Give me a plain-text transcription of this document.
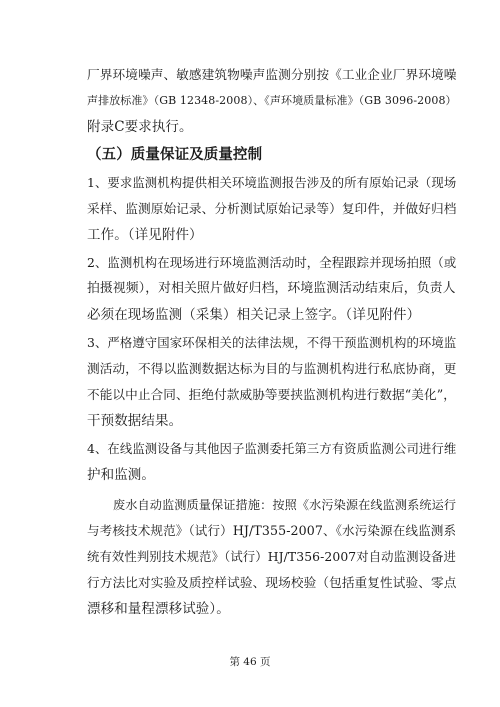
厂界环境噪声、敏感建筑物噪声监测分别按《工业企业厂界环境噪
声排放标准》（GB 12348-2008）、《声环境质量标准》（GB 3096-2008）
附录C要求执行。
（五）质量保证及质量控制
1、要求监测机构提供相关环境监测报告涉及的所有原始记录（现场
采样、监测原始记录、分析测试原始记录等）复印件，并做好归档
工作。（详见附件）
2、监测机构在现场进行环境监测活动时，全程跟踪并现场拍照（或
拍摄视频），对相关照片做好归档，环境监测活动结束后，负责人
必须在现场监测（采集）相关记录上签字。（详见附件）
3、严格遵守国家环保相关的法律法规，不得干预监测机构的环境监
测活动，不得以监测数据达标为目的与监测机构进行私底协商，更
不能以中止合同、拒绝付款威胁等要挟监测机构进行数据“美化”，
干预数据结果。
4、在线监测设备与其他因子监测委托第三方有资质监测公司进行维
护和监测。
废水自动监测质量保证措施：按照《水污染源在线监测系统运行
与考核技术规范》（试行）HJ/T355-2007、《水污染源在线监测系
统有效性判别技术规范》（试行）HJ/T356-2007对自动监测设备进
行方法比对实验及质控样试验、现场校验（包括重复性试验、零点
漂移和量程漂移试验）。
第 46 页
